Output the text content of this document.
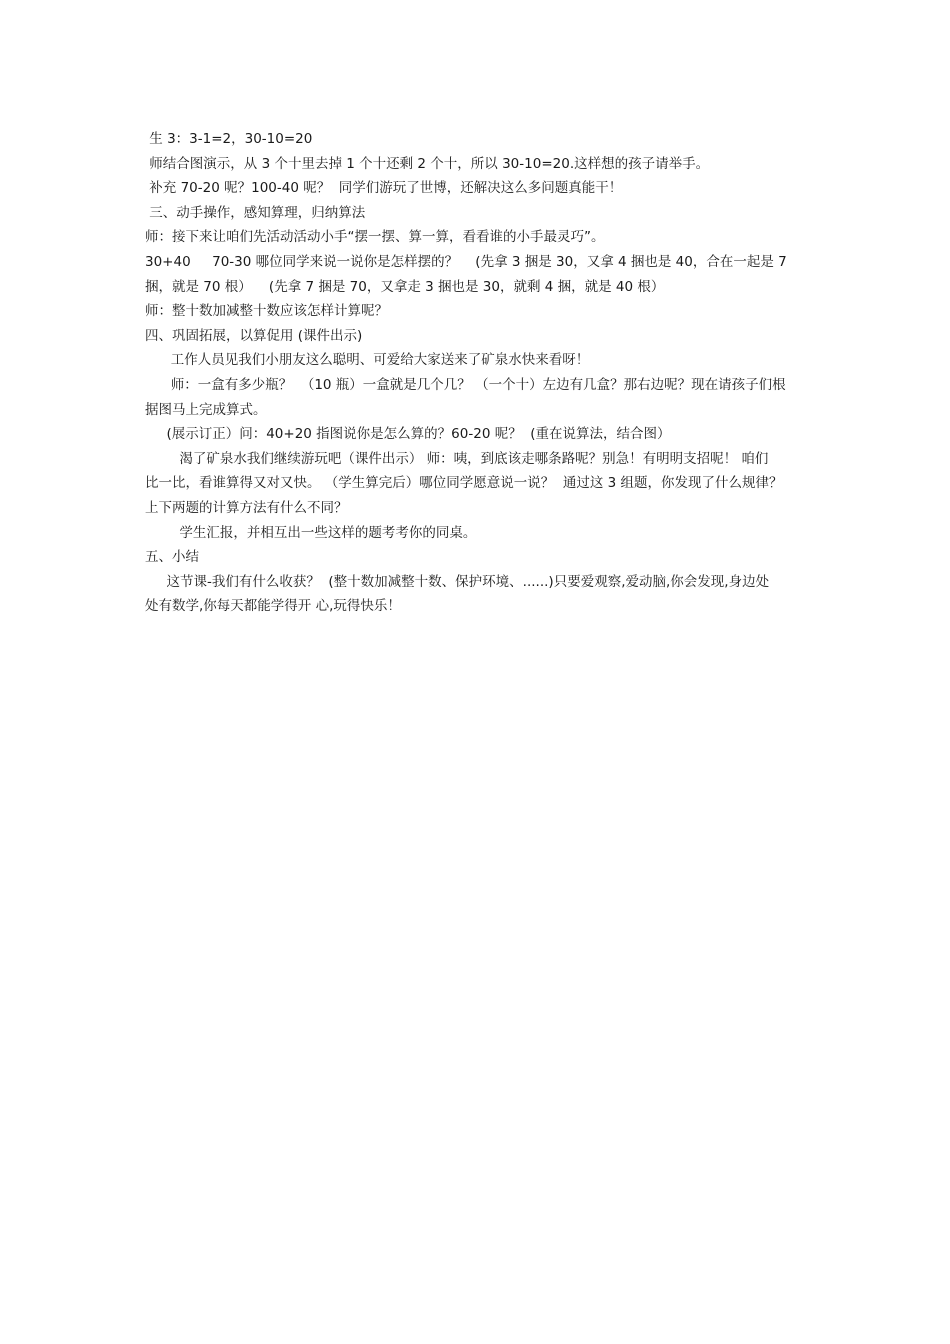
生 3：3-1=2，30-10=20

师结合图演示，从 3 个十里去掉 1 个十还剩 2 个十，所以 30-10=20.这样想的孩子请举手。

补充 70-20 呢？100-40 呢？  同学们游玩了世博，还解决这么多问题真能干！

三、动手操作，感知算理，归纳算法

师：接下来让咱们先活动活动小手“摆一摆、算一算，看看谁的小手最灵巧”。

30+40     70-30 哪位同学来说一说你是怎样摆的？    (先拿 3 捆是 30，又拿 4 捆也是 40，合在一起是 7

捆，就是 70 根）    (先拿 7 捆是 70，又拿走 3 捆也是 30，就剩 4 捆，就是 40 根）

师：整十数加减整十数应该怎样计算呢？

四、巩固拓展，以算促用 (课件出示)

工作人员见我们小朋友这么聪明、可爱给大家送来了矿泉水快来看呀！

师：一盒有多少瓶？  （10 瓶）一盒就是几个几？ （一个十）左边有几盒？那右边呢？现在请孩子们根

据图马上完成算式。

(展示订正）问：40+20 指图说你是怎么算的？60-20 呢？  (重在说算法，结合图）

渴了矿泉水我们继续游玩吧（课件出示） 师：咦，到底该走哪条路呢？别急！有明明支招呢！ 咱们

比一比，看谁算得又对又快。 （学生算完后）哪位同学愿意说一说？  通过这 3 组题，你发现了什么规律？

上下两题的计算方法有什么不同？

学生汇报，并相互出一些这样的题考考你的同桌。

五、小结

这节课-我们有什么收获？  (整十数加减整十数、保护环境、......)只要爱观察,爱动脑,你会发现,身边处

处有数学,你每天都能学得开 心,玩得快乐！
